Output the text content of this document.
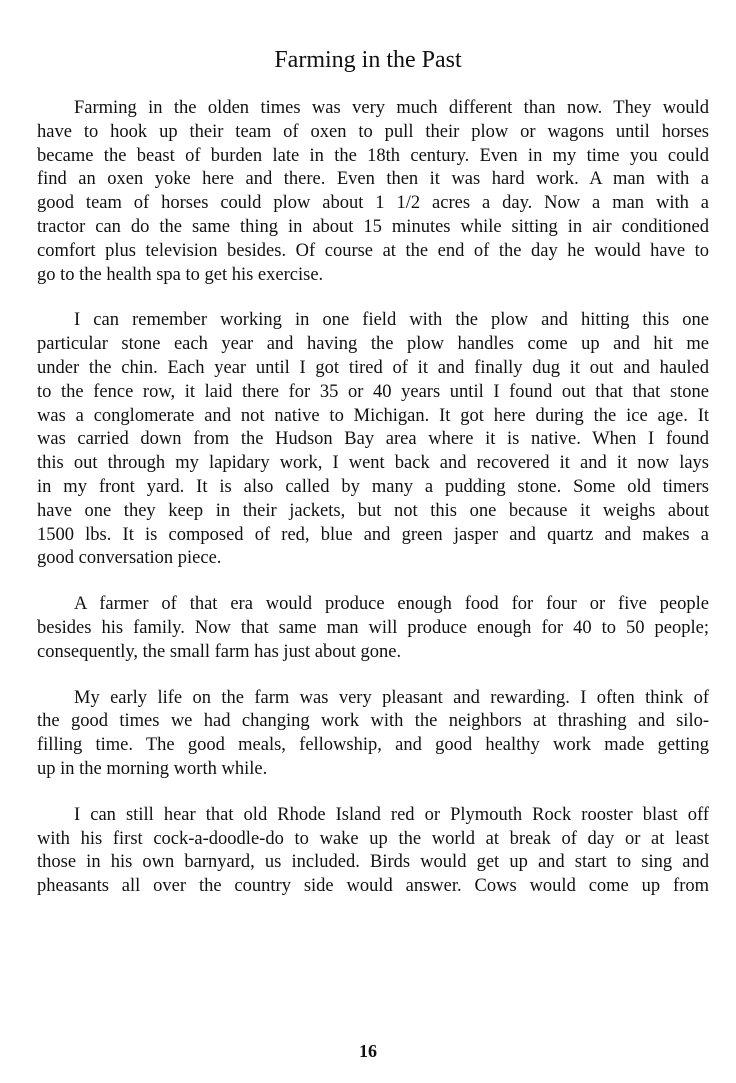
Farming in the Past
Farming in the olden times was very much different than now. They would
have to hook up their team of oxen to pull their plow or wagons until horses
became the beast of burden late in the 18th century. Even in my time you could
find an oxen yoke here and there. Even then it was hard work. A man with a
good team of horses could plow about 1 1/2 acres a day. Now a man with a
tractor can do the same thing in about 15 minutes while sitting in air conditioned
comfort plus television besides. Of course at the end of the day he would have to
go to the health spa to get his exercise.
I can remember working in one field with the plow and hitting this one
particular stone each year and having the plow handles come up and hit me
under the chin. Each year until I got tired of it and finally dug it out and hauled
to the fence row, it laid there for 35 or 40 years until I found out that that stone
was a conglomerate and not native to Michigan. It got here during the ice age. It
was carried down from the Hudson Bay area where it is native. When I found
this out through my lapidary work, I went back and recovered it and it now lays
in my front yard. It is also called by many a pudding stone. Some old timers
have one they keep in their jackets, but not this one because it weighs about
1500 lbs. It is composed of red, blue and green jasper and quartz and makes a
good conversation piece.
A farmer of that era would produce enough food for four or five people
besides his family. Now that same man will produce enough for 40 to 50 people;
consequently, the small farm has just about gone.
My early life on the farm was very pleasant and rewarding. I often think of
the good times we had changing work with the neighbors at thrashing and silo-
filling time. The good meals, fellowship, and good healthy work made getting
up in the morning worth while.
I can still hear that old Rhode Island red or Plymouth Rock rooster blast off
with his first cock-a-doodle-do to wake up the world at break of day or at least
those in his own barnyard, us included. Birds would get up and start to sing and
pheasants all over the country side would answer. Cows would come up from
16
